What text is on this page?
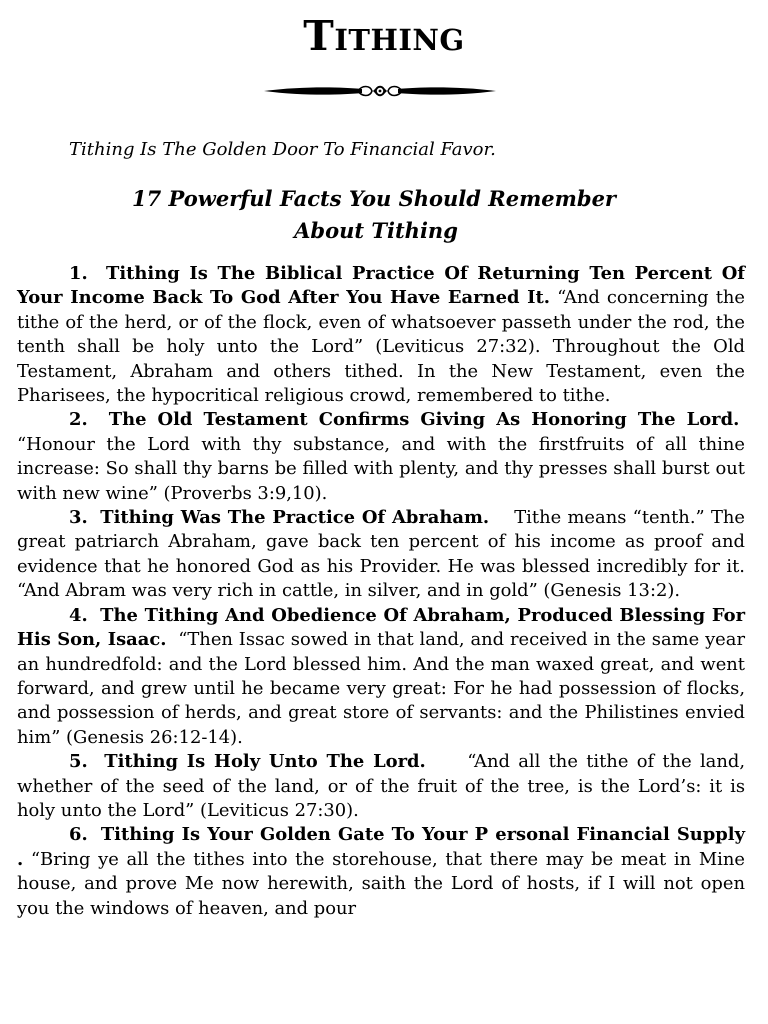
TITHING

Tithing Is The Golden Door To Financial Favor.

17 Powerful Facts You Should Remember

About Tithing

1. Tithing Is The Biblical Practice Of Returning Ten Percent Of Your Income Back To God After You Have Earned It. “And concerning the tithe of the herd, or of the flock, even of whatsoever passeth under the rod, the tenth shall be holy unto the Lord” (Leviticus 27:32). Throughout the Old Testament, Abraham and others tithed. In the New Testament, even the Pharisees, the hypocritical religious crowd, remembered to tithe.

2. The Old Testament Confirms Giving As Honoring The Lord.  “Honour the Lord with thy substance, and with the firstfruits of all thine increase: So shall thy barns be filled with plenty, and thy presses shall burst out with new wine” (Proverbs 3:9,10).

3. Tithing Was The Practice Of Abraham. Tithe means “tenth.” The great patriarch Abraham, gave back ten percent of his income as proof and evidence that he honored God as his Provider. He was blessed incredibly for it. “And Abram was very rich in cattle, in silver, and in gold” (Genesis 13:2).

4. The Tithing And Obedience Of Abraham, Produced Blessing For His Son, Isaac. “Then Issac sowed in that land, and received in the same year an hundredfold: and the Lord blessed him. And the man waxed great, and went forward, and grew until he became very great: For he had possession of flocks, and possession of herds, and great store of servants: and the Philistines envied him” (Genesis 26:12-14).

5. Tithing Is Holy Unto The Lord. “And all the tithe of the land, whether of the seed of the land, or of the fruit of the tree, is the Lord’s: it is holy unto the Lord” (Leviticus 27:30).

6. Tithing Is Your Golden Gate To Your P ersonal Financial Supply . “Bring ye all the tithes into the storehouse, that there may be meat in Mine house, and prove Me now herewith, saith the Lord of hosts, if I will not open you the windows of heaven, and pour
